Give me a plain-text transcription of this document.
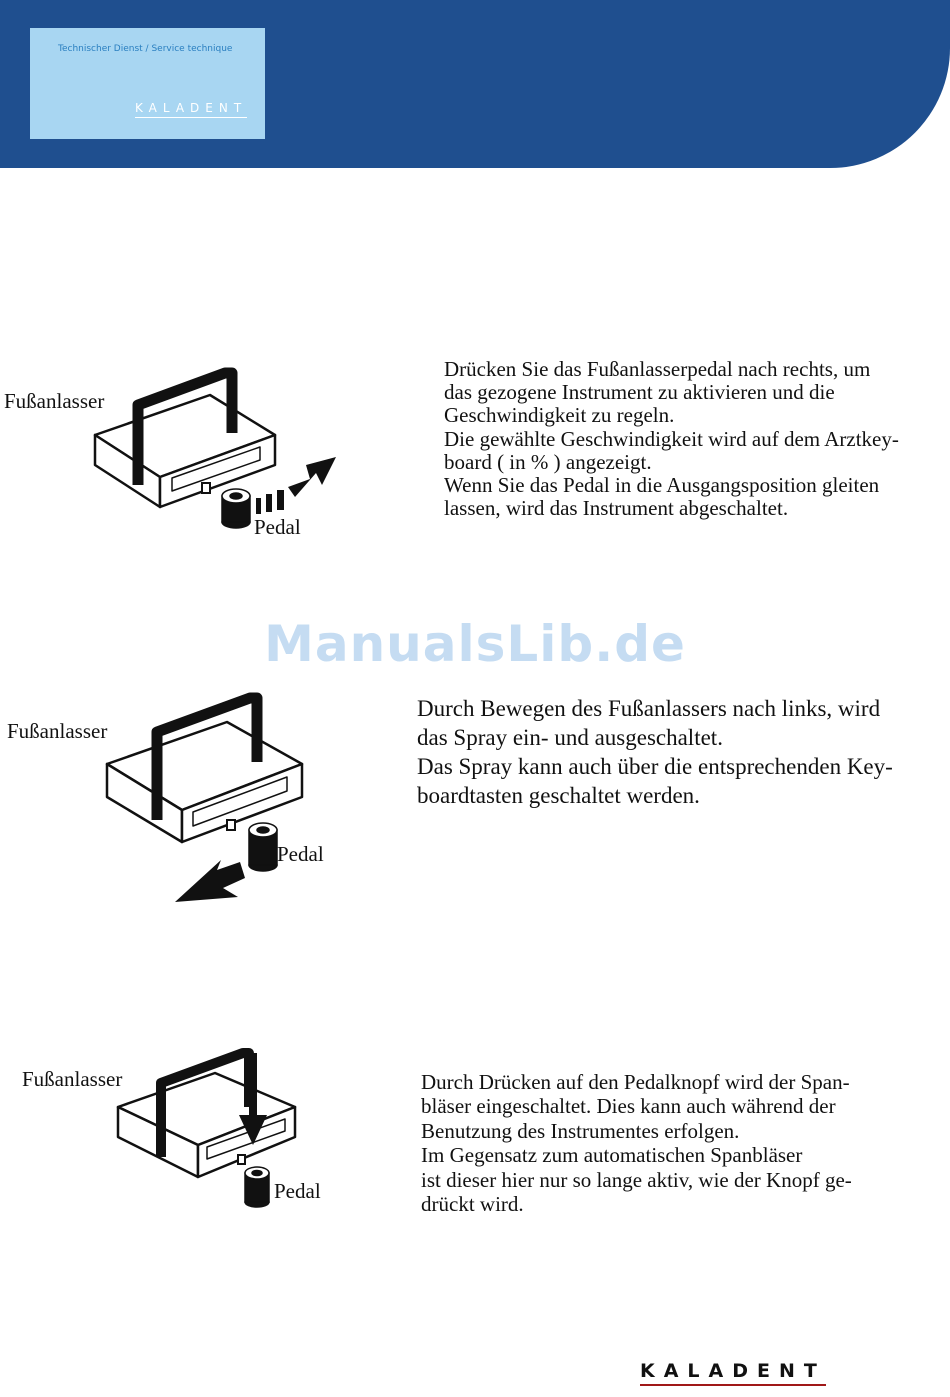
Technischer Dienst / Service technique
KALADENT
ManualsLib.de
Fußanlasser
Pedal

Drücken Sie das Fußanlasserpedal nach rechts, um

das gezogene Instrument zu aktivieren und die

Geschwindigkeit zu regeln.

Die gewählte Geschwindigkeit wird auf dem Arztkey-

board ( in % ) angezeigt.

Wenn Sie das Pedal in die Ausgangsposition gleiten

lassen, wird das Instrument abgeschaltet.

Fußanlasser
Pedal

Durch Bewegen des Fußanlassers nach links, wird

das Spray ein- und ausgeschaltet.

Das Spray kann auch über die entsprechenden Key-

boardtasten geschaltet werden.

Fußanlasser
Pedal

Durch Drücken auf den Pedalknopf wird der Span-

bläser eingeschaltet. Dies kann auch während der

Benutzung des Instrumentes erfolgen.

Im Gegensatz zum automatischen Spanbläser

ist dieser hier nur so lange aktiv, wie der Knopf ge-

drückt wird.

KALADENT
